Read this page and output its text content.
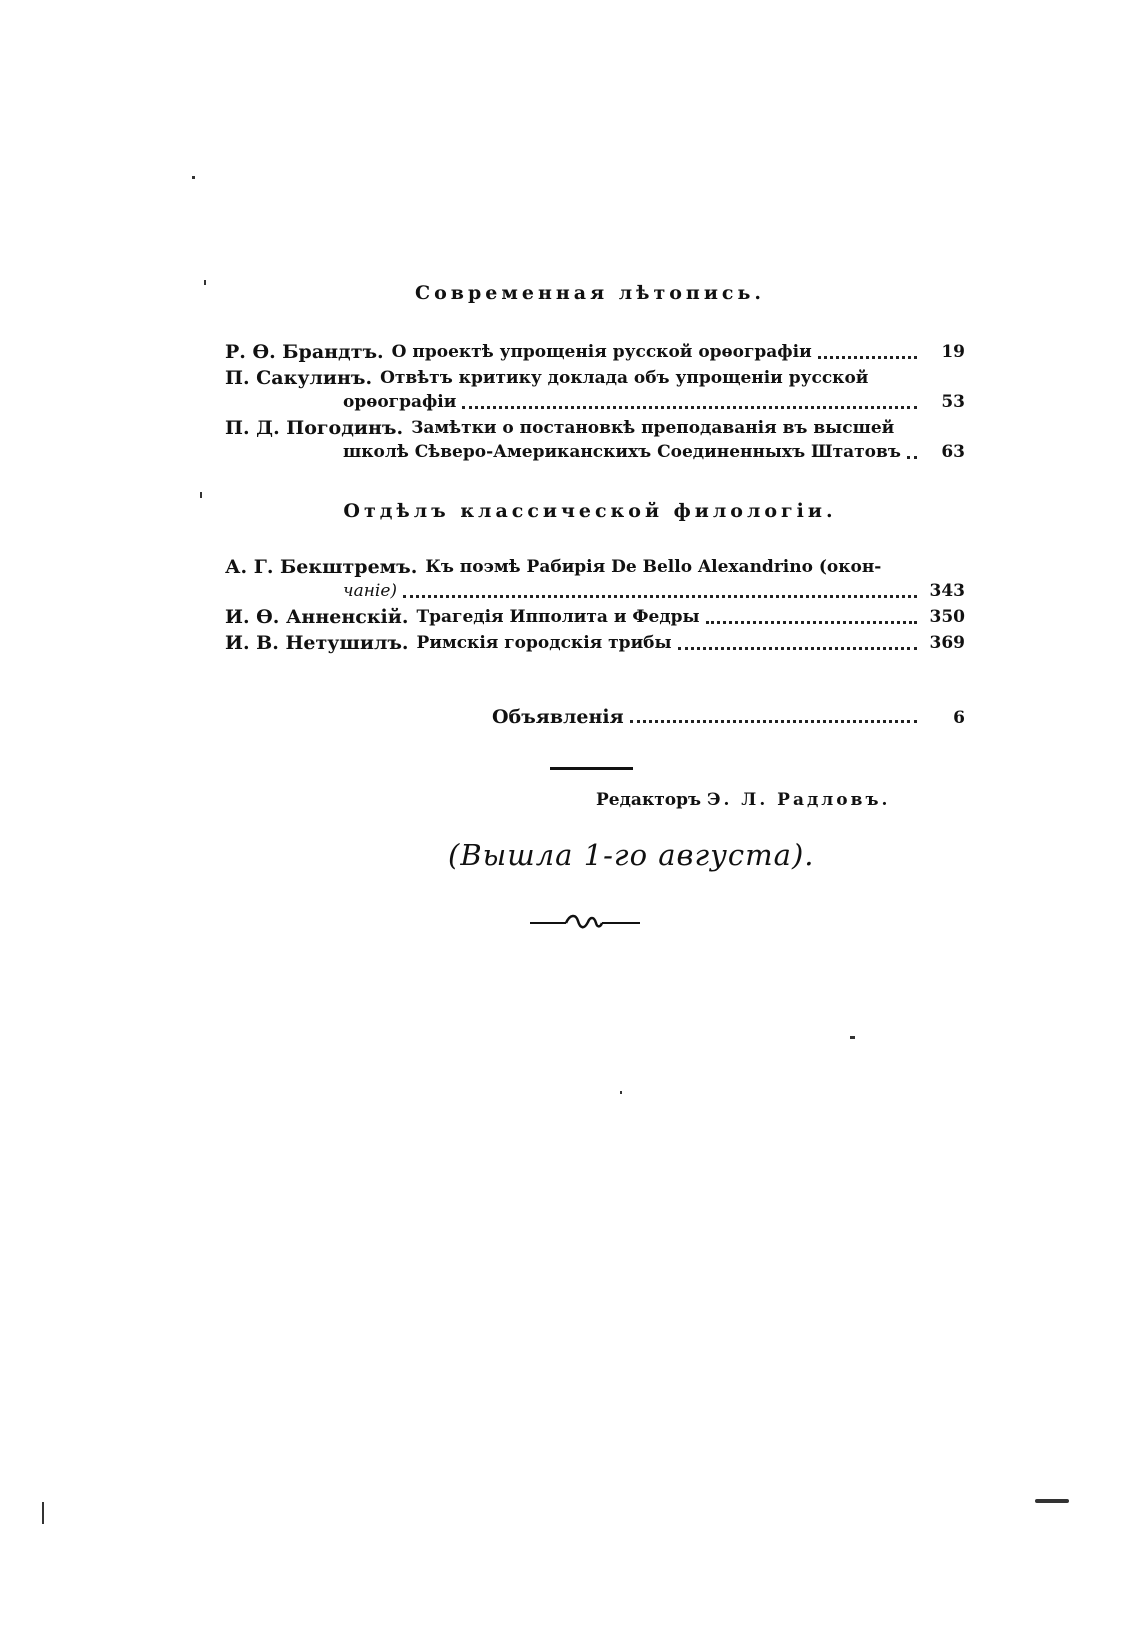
Современная лѣтопись.
Р. Ѳ. Брандтъ. О проектѣ упрощенія русской орѳографіи	19
П. Сакулинъ. Отвѣтъ критику доклада объ упрощеніи русской
орѳографіи	53
П. Д. Погодинъ. Замѣтки о постановкѣ преподаванія въ высшей
школѣ Сѣверо-Американскихъ Соединенныхъ Штатовъ	63
Отдѣлъ классической филологіи.
А. Г. Бекштремъ. Къ поэмѣ Рабирія De Bello Alexandrino (окон-
чаніе)	343
И. Ѳ. Анненскій. Трагедія Ипполита и Федры	350
И. В. Нетушилъ. Римскія городскія трибы	369
Объявленія	6
Редакторъ Э. Л. Радловъ.
(Вышла 1-го августа).
